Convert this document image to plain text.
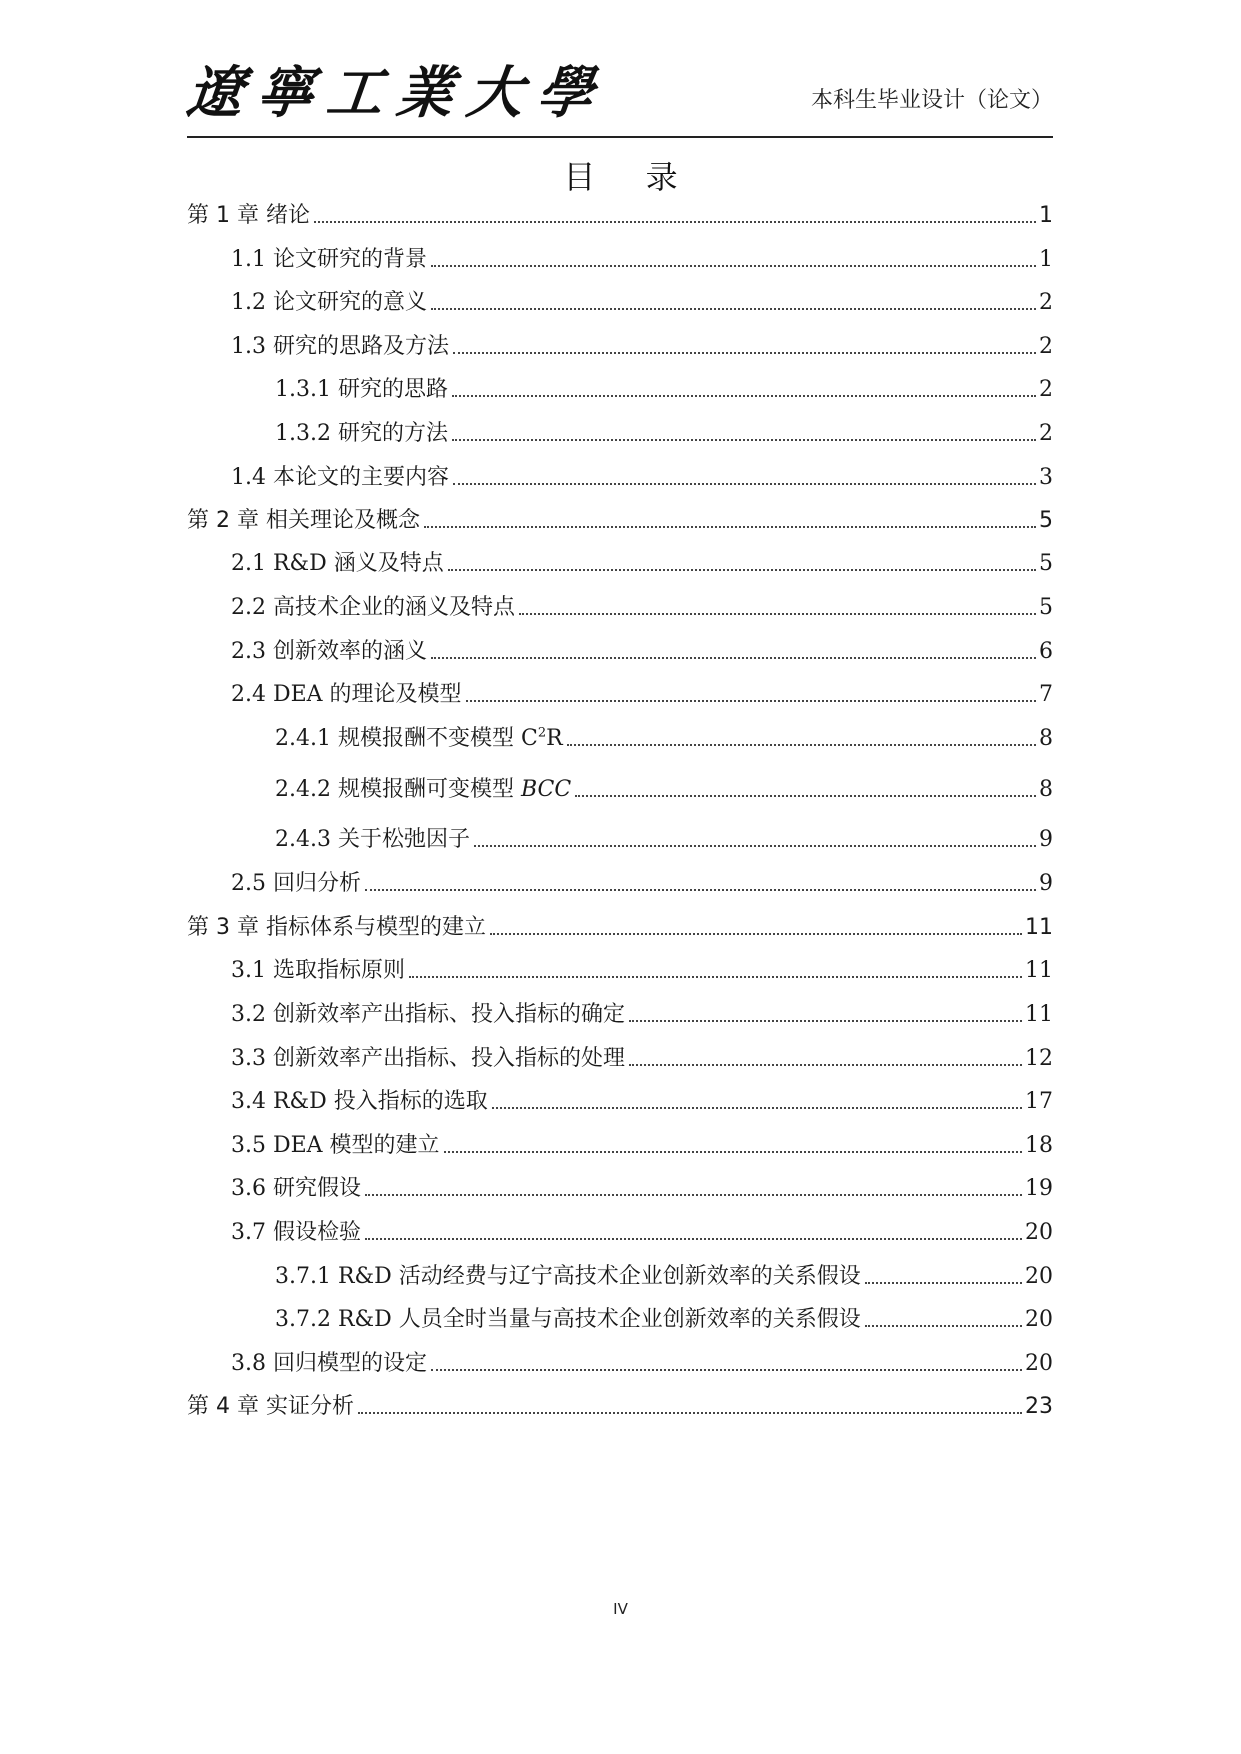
遼寧工業大學	本科生毕业设计（论文）
目 录
第 1 章 绪论	1
1.1 论文研究的背景	1
1.2 论文研究的意义	2
1.3 研究的思路及方法	2
1.3.1 研究的思路	2
1.3.2 研究的方法	2
1.4 本论文的主要内容	3
第 2 章 相关理论及概念	5
2.1 R&D 涵义及特点	5
2.2 高技术企业的涵义及特点	5
2.3 创新效率的涵义	6
2.4 DEA 的理论及模型	7
2.4.1 规模报酬不变模型 $C^2R$	8
2.4.2 规模报酬可变模型 BCC	8
2.4.3 关于松弛因子	9
2.5 回归分析	9
第 3 章 指标体系与模型的建立	11
3.1 选取指标原则	11
3.2 创新效率产出指标、投入指标的确定	11
3.3 创新效率产出指标、投入指标的处理	12
3.4 R&D 投入指标的选取	17
3.5 DEA 模型的建立	18
3.6 研究假设	19
3.7 假设检验	20
3.7.1 R&D 活动经费与辽宁高技术企业创新效率的关系假设	20
3.7.2 R&D 人员全时当量与高技术企业创新效率的关系假设	20
3.8 回归模型的设定	20
第 4 章 实证分析	23
IV
